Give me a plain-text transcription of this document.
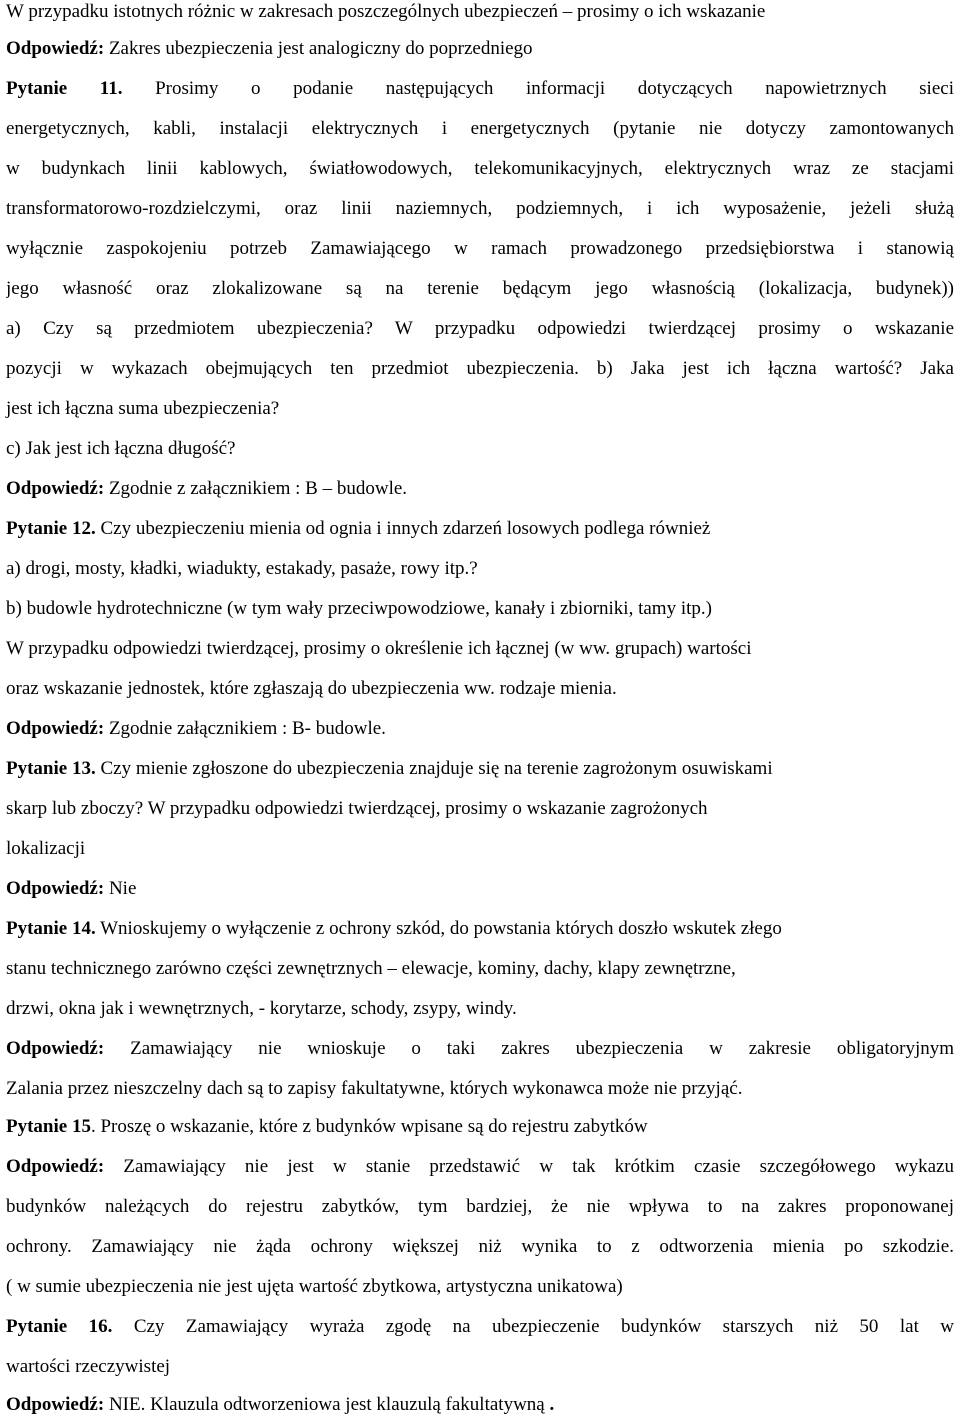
W przypadku istotnych różnic w zakresach poszczególnych ubezpieczeń – prosimy o ich wskazanie
Odpowiedź: Zakres ubezpieczenia jest analogiczny do poprzedniego
Pytanie 11. Prosimy o podanie następujących informacji dotyczących napowietrznych sieci
energetycznych, kabli, instalacji elektrycznych i energetycznych (pytanie nie dotyczy zamontowanych
w budynkach linii kablowych, światłowodowych, telekomunikacyjnych, elektrycznych wraz ze stacjami
transformatorowo-rozdzielczymi, oraz linii naziemnych, podziemnych, i ich wyposażenie, jeżeli służą
wyłącznie zaspokojeniu potrzeb Zamawiającego w ramach prowadzonego przedsiębiorstwa i stanowią
jego własność oraz zlokalizowane są na terenie będącym jego własnością (lokalizacja, budynek))
a) Czy są przedmiotem ubezpieczenia? W przypadku odpowiedzi twierdzącej prosimy o wskazanie
pozycji w wykazach obejmujących ten przedmiot ubezpieczenia. b) Jaka jest ich łączna wartość? Jaka
jest ich łączna suma ubezpieczenia?
c) Jak jest ich łączna długość?
Odpowiedź: Zgodnie z załącznikiem : B – budowle.
Pytanie 12. Czy ubezpieczeniu mienia od ognia i innych zdarzeń losowych podlega również
a) drogi, mosty, kładki, wiadukty, estakady, pasaże, rowy itp.?
b) budowle hydrotechniczne (w tym wały przeciwpowodziowe, kanały i zbiorniki, tamy itp.)
W przypadku odpowiedzi twierdzącej, prosimy o określenie ich łącznej (w ww. grupach) wartości
oraz wskazanie jednostek, które zgłaszają do ubezpieczenia ww. rodzaje mienia.
Odpowiedź: Zgodnie załącznikiem : B- budowle.
Pytanie 13. Czy mienie zgłoszone do ubezpieczenia znajduje się na terenie zagrożonym osuwiskami
skarp lub zboczy? W przypadku odpowiedzi twierdzącej, prosimy o wskazanie zagrożonych
lokalizacji
Odpowiedź: Nie
Pytanie 14. Wnioskujemy o wyłączenie z ochrony szkód, do powstania których doszło wskutek złego
stanu technicznego zarówno części zewnętrznych – elewacje, kominy, dachy, klapy zewnętrzne,
drzwi, okna jak i wewnętrznych, - korytarze, schody, zsypy, windy.
Odpowiedź: Zamawiający nie wnioskuje o taki zakres ubezpieczenia w zakresie obligatoryjnym
Zalania przez nieszczelny dach są to zapisy fakultatywne, których wykonawca może nie przyjąć.
Pytanie 15. Proszę o wskazanie, które z budynków wpisane są do rejestru zabytków
Odpowiedź: Zamawiający nie jest w stanie przedstawić w tak krótkim czasie szczegółowego wykazu
budynków należących do rejestru zabytków, tym bardziej, że nie wpływa to na zakres proponowanej
ochrony. Zamawiający nie żąda ochrony większej niż wynika to z odtworzenia mienia po szkodzie.
( w sumie ubezpieczenia nie jest ujęta wartość zbytkowa, artystyczna unikatowa)
Pytanie 16. Czy Zamawiający wyraża zgodę na ubezpieczenie budynków starszych niż 50 lat w
wartości rzeczywistej
Odpowiedź: NIE. Klauzula odtworzeniowa jest klauzulą fakultatywną .
